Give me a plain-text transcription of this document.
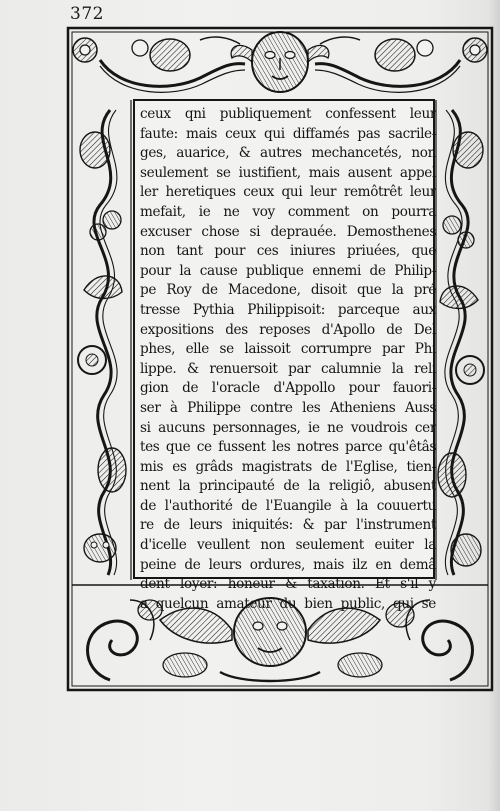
372
ceux qni publiquement confessent leur
faute: mais ceux qui diffamés pas sacrile-
ges, auarice, & autres mechancetés, non
seulement se iustifient, mais ausent appel
ler heretiques ceux qui leur remôtrêt leur
mefait, ie ne voy comment on pourra
excuser chose si deprauée. Demosthenes
non tant pour ces iniures priuées, que
pour la cause publique ennemi de Philip-
pe Roy de Macedone, disoit que la pré
tresse Pythia Philippisoit: parceque aux
expositions des reposes d'Apollo de Del
phes, elle se laissoit corrumpre par Phi
lippe. & renuersoit par calumnie la reli
gion de l'oracle d'Appollo pour fauori-
ser à Philippe contre les Atheniens Auss
si aucuns personnages, ie ne voudrois cer
tes que ce fussent les notres parce qu'êtâs
mis es grâds magistrats de l'Eglise, tien-
nent la principauté de la religiô, abusent
de l'authorité de l'Euangile à la couuertu
re de leurs iniquités: & par l'instrument
d'icelle veullent non seulement euiter la
peine de leurs ordures, mais ilz en demâ
dent loyer: honeur & taxation. Et s'il y
a quelcun amateur du bien public, qui se
